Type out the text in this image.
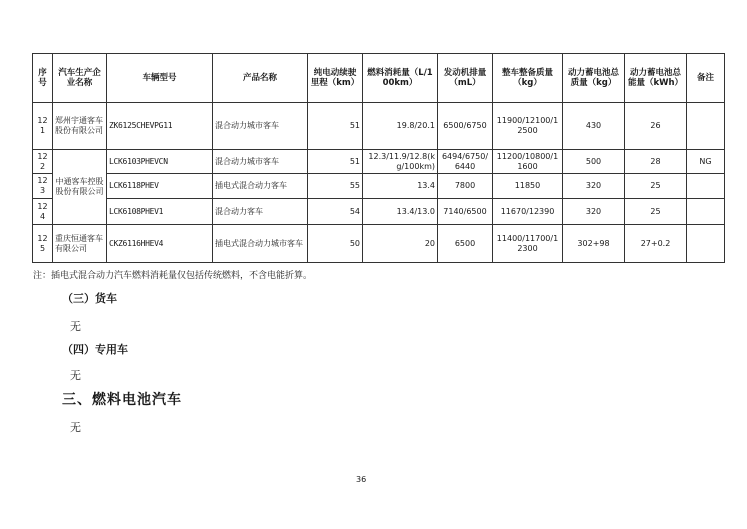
序号	汽车生产企业名称	车辆型号	产品名称	纯电动续驶里程（km）	燃料消耗量（L/100km）	发动机排量（mL）	整车整备质量（kg）	动力蓄电池总质量（kg）	动力蓄电池总能量（kWh）	备注
121	郑州宇通客车股份有限公司	ZK6125CHEVPG11	混合动力城市客车	51	19.8/20.1	6500/6750	11900/12100/12500	430	26	
122	中通客车控股股份有限公司	LCK6103PHEVCN	混合动力城市客车	51	12.3/11.9/12.8(kg/100km)	6494/6750/6440	11200/10800/11600	500	28	NG
123		LCK6118PHEV	插电式混合动力客车	55	13.4	7800	11850	320	25	
124		LCK6108PHEV1	混合动力客车	54	13.4/13.0	7140/6500	11670/12390	320	25	
125	重庆恒通客车有限公司	CKZ6116HHEV4	插电式混合动力城市客车	50	20	6500	11400/11700/12300	302+98	27+0.2	
注：插电式混合动力汽车燃料消耗量仅包括传统燃料，不含电能折算。
（三）货车
无
（四）专用车
无
三、燃料电池汽车
无
36
